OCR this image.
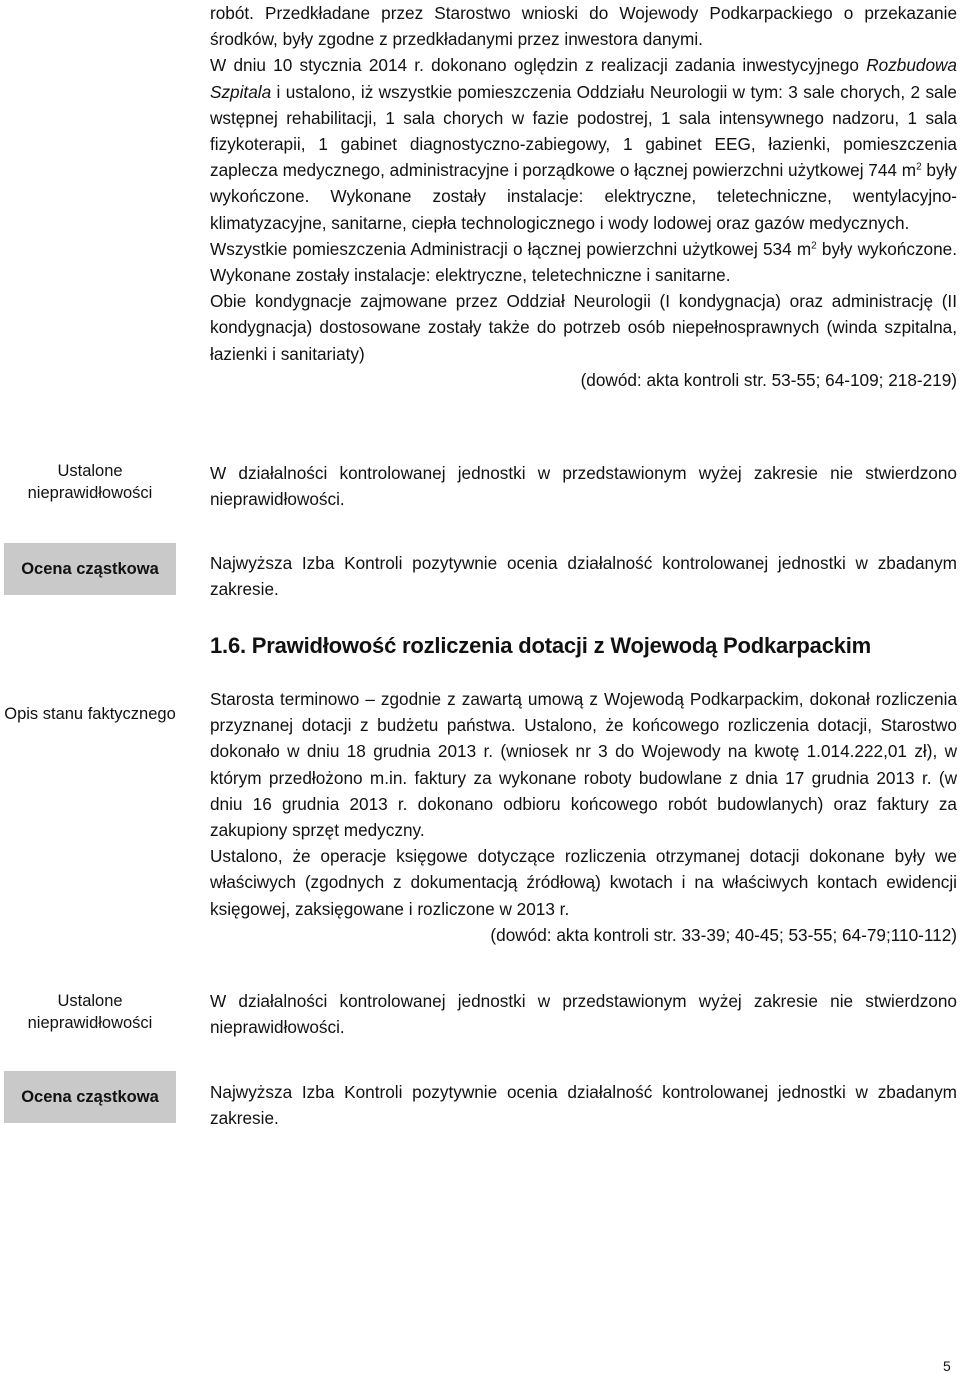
robót. Przedkładane przez Starostwo wnioski do Wojewody Podkarpackiego o przekazanie środków, były zgodne z przedkładanymi przez inwestora danymi.

W dniu 10 stycznia 2014 r. dokonano oględzin z realizacji zadania inwestycyjnego Rozbudowa Szpitala i ustalono, iż wszystkie pomieszczenia Oddziału Neurologii w tym: 3 sale chorych, 2 sale wstępnej rehabilitacji, 1 sala chorych w fazie podostrej, 1 sala intensywnego nadzoru, 1 sala fizykoterapii, 1 gabinet diagnostyczno-zabiegowy, 1 gabinet EEG, łazienki, pomieszczenia zaplecza medycznego, administracyjne i porządkowe o łącznej powierzchni użytkowej 744 $m^2$ były wykończone. Wykonane zostały instalacje: elektryczne, teletechniczne, wentylacyjno-klimatyzacyjne, sanitarne, ciepła technologicznego i wody lodowej oraz gazów medycznych.

Wszystkie pomieszczenia Administracji o łącznej powierzchni użytkowej 534 $m^2$ były wykończone. Wykonane zostały instalacje: elektryczne, teletechniczne i sanitarne.

Obie kondygnacje zajmowane przez Oddział Neurologii (I kondygnacja) oraz administrację (II kondygnacja) dostosowane zostały także do potrzeb osób niepełnosprawnych (winda szpitalna, łazienki i sanitariaty)

(dowód: akta kontroli str. 53-55; 64-109; 218-219)

Ustalone nieprawidłowości
W działalności kontrolowanej jednostki w przedstawionym wyżej zakresie nie stwierdzono nieprawidłowości.
Ocena cząstkowa	Najwyższa Izba Kontroli pozytywnie ocenia działalność kontrolowanej jednostki w zbadanym zakresie.
1.6. Prawidłowość rozliczenia dotacji z Wojewodą Podkarpackim
Opis stanu faktycznego

Starosta terminowo – zgodnie z zawartą umową z Wojewodą Podkarpackim, dokonał rozliczenia przyznanej dotacji z budżetu państwa. Ustalono, że końcowego rozliczenia dotacji, Starostwo dokonało w dniu 18 grudnia 2013 r. (wniosek nr 3 do Wojewody na kwotę 1.014.222,01 zł), w którym przedłożono m.in. faktury za wykonane roboty budowlane z dnia 17 grudnia 2013 r. (w dniu 16 grudnia 2013 r. dokonano odbioru końcowego robót budowlanych) oraz faktury za zakupiony sprzęt medyczny.

Ustalono, że operacje księgowe dotyczące rozliczenia otrzymanej dotacji dokonane były we właściwych (zgodnych z dokumentacją źródłową) kwotach i na właściwych kontach ewidencji księgowej, zaksięgowane i rozliczone w 2013 r.

(dowód: akta kontroli str. 33-39; 40-45; 53-55; 64-79;110-112)

Ustalone nieprawidłowości
W działalności kontrolowanej jednostki w przedstawionym wyżej zakresie nie stwierdzono nieprawidłowości.
Ocena cząstkowa	Najwyższa Izba Kontroli pozytywnie ocenia działalność kontrolowanej jednostki w zbadanym zakresie.
5
